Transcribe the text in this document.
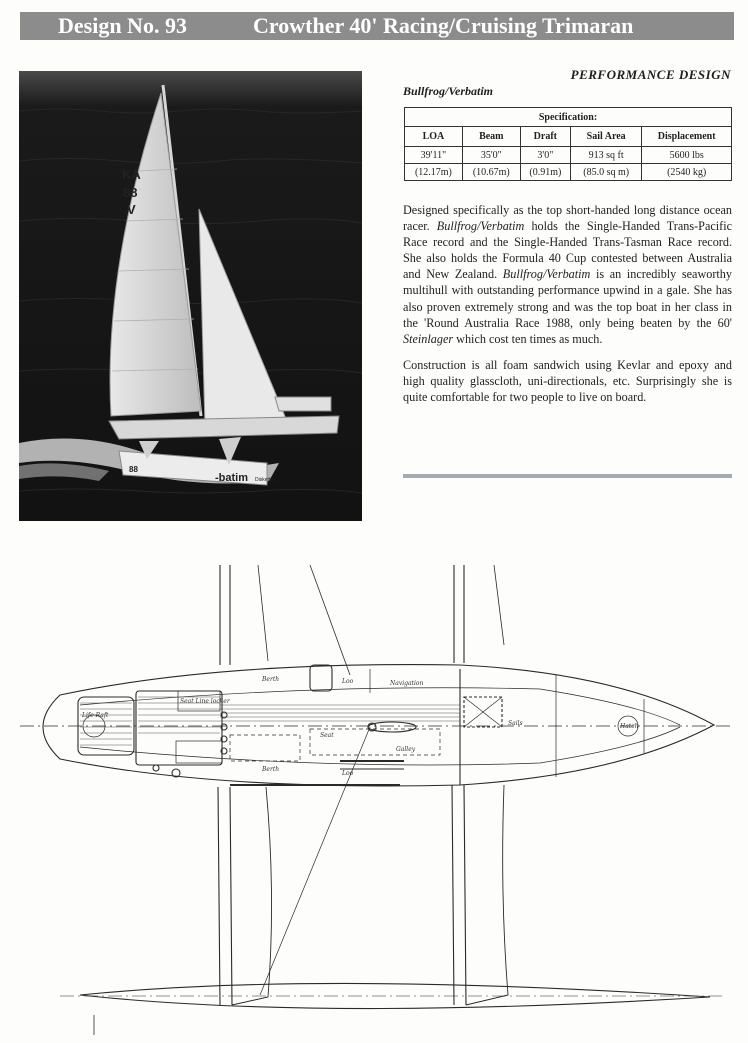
Design No. 93	Crowther 40' Racing/Cruising Trimaran
KA
88
V
88
-batim Diskettes
PERFORMANCE DESIGN
Bullfrog/Verbatim
Specification:				
LOA	Beam	Draft	Sail Area	Displacement
39'11"	35'0"	3'0"	913 sq ft	5600 lbs
(12.17m)	(10.67m)	(0.91m)	(85.0 sq m)	(2540 kg)

Designed specifically as the top short-handed long distance ocean racer. Bullfrog/Verbatim holds the Single-Handed Trans-Pacific Race record and the Single-Handed Trans-Tasman Race record. She also holds the Formula 40 Cup contested between Australia and New Zealand. Bullfrog/Verbatim is an incredibly seaworthy multihull with outstanding performance upwind in a gale. She has also proven extremely strong and was the top boat in her class in the 'Round Australia Race 1988, only being beaten by the 60' Steinlager which cost ten times as much.

Construction is all foam sandwich using Kevlar and epoxy and high quality glasscloth, uni-directionals, etc. Surprisingly she is quite comfortable for two people to live on board.

Life Raft
Seat Line locker
Berth	Loo	Navigation
Sails
Seat
Galley
Berth
Loo
Hatch
